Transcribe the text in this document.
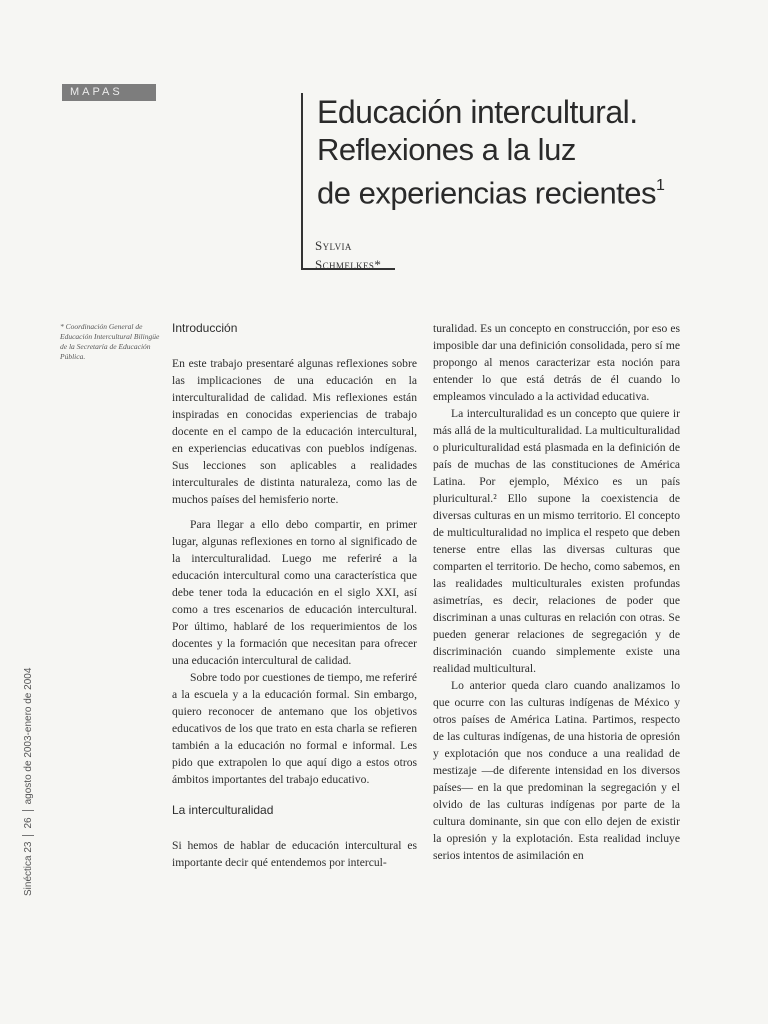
MAPAS
Educación intercultural.
Reflexiones a la luz
de experiencias recientes$^1$
Sylvia
Schmelkes*
* Coordinación General de Educación Intercultural Bilingüe de la Secretaría de Educación Pública.
Introducción

En este trabajo presentaré algunas reflexiones sobre las implicaciones de una educación en la interculturalidad de calidad. Mis reflexiones están inspiradas en conocidas experiencias de trabajo docente en el campo de la educación intercultural, en experiencias educativas con pueblos indígenas. Sus lecciones son aplicables a realidades interculturales de distinta naturaleza, como las de muchos países del hemisferio norte.

Para llegar a ello debo compartir, en primer lugar, algunas reflexiones en torno al significado de la interculturalidad. Luego me referiré a la educación intercultural como una característica que debe tener toda la educación en el siglo XXI, así como a tres escenarios de educación intercultural. Por último, hablaré de los requerimientos de los docentes y la formación que necesitan para ofrecer una educación intercultural de calidad.

Sobre todo por cuestiones de tiempo, me referiré a la escuela y a la educación formal. Sin embargo, quiero reconocer de antemano que los objetivos educativos de los que trato en esta charla se refieren también a la educación no formal e informal. Les pido que extrapolen lo que aquí digo a estos otros ámbitos importantes del trabajo educativo.

La interculturalidad

Si hemos de hablar de educación intercultural es importante decir qué entendemos por intercul-

turalidad. Es un concepto en construcción, por eso es imposible dar una definición consolidada, pero sí me propongo al menos caracterizar esta noción para entender lo que está detrás de él cuando lo empleamos vinculado a la actividad educativa.

La interculturalidad es un concepto que quiere ir más allá de la multiculturalidad. La multiculturalidad o pluriculturalidad está plasmada en la definición de país de muchas de las constituciones de América Latina. Por ejemplo, México es un país pluricultural.² Ello supone la coexistencia de diversas culturas en un mismo territorio. El concepto de multiculturalidad no implica el respeto que deben tenerse entre ellas las diversas culturas que comparten el territorio. De hecho, como sabemos, en las realidades multiculturales existen profundas asimetrías, es decir, relaciones de poder que discriminan a unas culturas en relación con otras. Se pueden generar relaciones de segregación y de discriminación cuando simplemente existe una realidad multicultural.

Lo anterior queda claro cuando analizamos lo que ocurre con las culturas indígenas de México y otros países de América Latina. Partimos, respecto de las culturas indígenas, de una historia de opresión y explotación que nos conduce a una realidad de mestizaje —de diferente intensidad en los diversos países— en la que predominan la segregación y el olvido de las culturas indígenas por parte de la cultura dominante, sin que con ello dejen de existir la opresión y la explotación. Esta realidad incluye serios intentos de asimilación en

Sinéctica 23
26
agosto de 2003-enero de 2004
